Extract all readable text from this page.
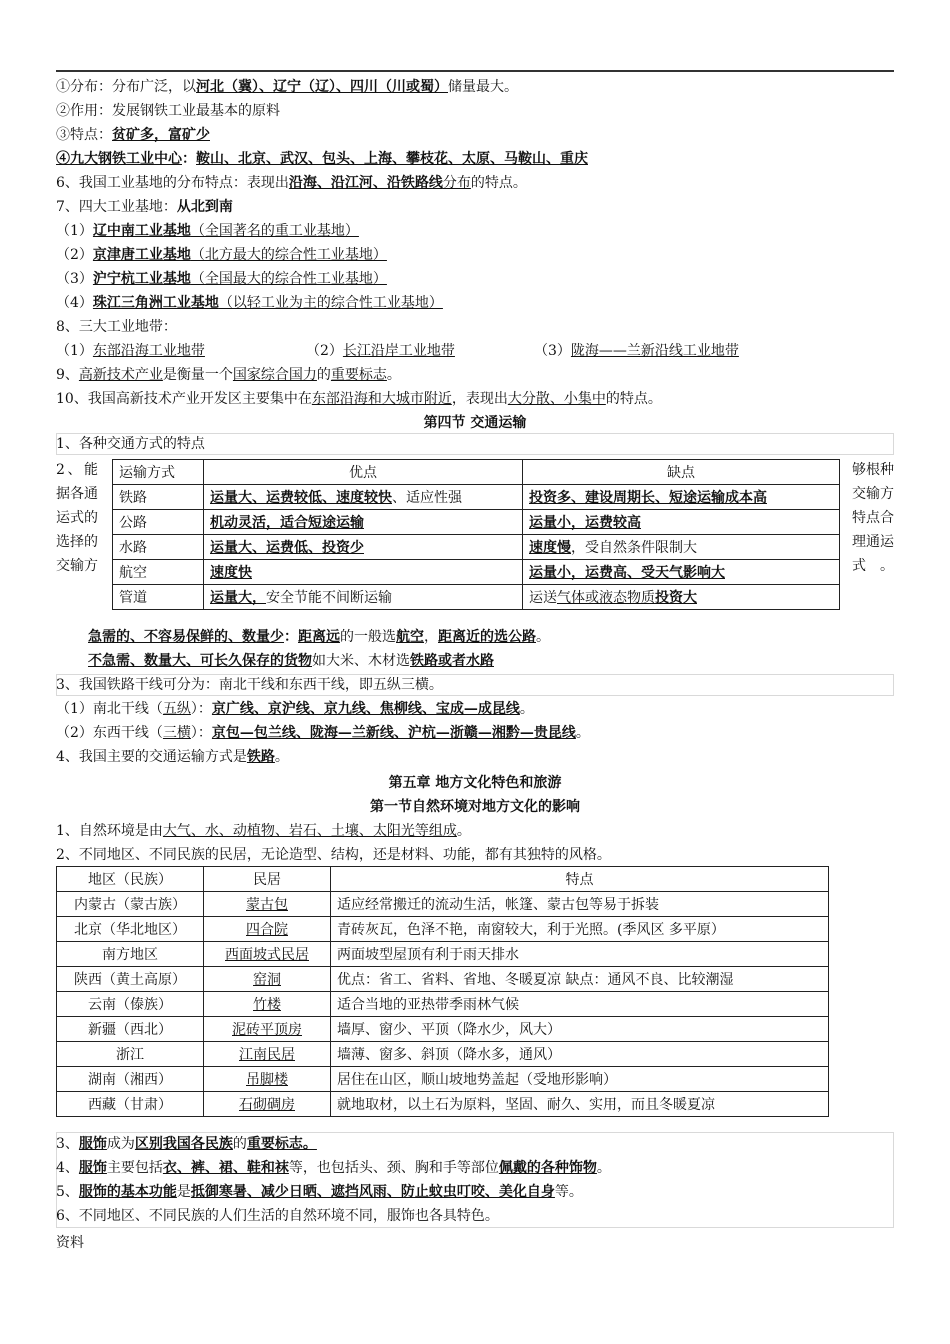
①分布：分布广泛，以河北（冀）、辽宁（辽）、四川（川或蜀）储量最大。
②作用：发展钢铁工业最基本的原料
③特点：贫矿多，富矿少
④九大钢铁工业中心：鞍山、北京、武汉、包头、上海、攀枝花、太原、马鞍山、重庆
6、我国工业基地的分布特点：表现出沿海、沿江河、沿铁路线分布的特点。
7、四大工业基地：从北到南
（1）辽中南工业基地（全国著名的重工业基地）
（2）京津唐工业基地（北方最大的综合性工业基地）
（3）沪宁杭工业基地（全国最大的综合性工业基地）
（4）珠江三角洲工业基地（以轻工业为主的综合性工业基地）
8、三大工业地带：
（1）东部沿海工业地带	（2）长江沿岸工业地带	（3）陇海——兰新沿线工业地带
9、高新技术产业是衡量一个国家综合国力的重要标志。
10、我国高新技术产业开发区主要集中在东部沿海和大城市附近，表现出大分散、小集中的特点。
第四节 交通运输
1、各种交通方式的特点
2、能据各通运式的选择的交输方
够根种交输方特点合理通运式。
运输方式	优点	缺点
铁路	运量大、运费较低、速度较快、适应性强	投资多、建设周期长、短途运输成本高
公路	机动灵活，适合短途运输	运量小，运费较高
水路	运量大、运费低、投资少	速度慢，受自然条件限制大
航空	速度快	运量小，运费高、受天气影响大
管道	运量大，安全节能不间断运输	运送气体或液态物质投资大
急需的、不容易保鲜的、数量少：距离远的一般选航空，距离近的选公路。
不急需、数量大、可长久保存的货物如大米、木材选铁路或者水路
3、我国铁路干线可分为：南北干线和东西干线，即五纵三横。
（1）南北干线（五纵）：京广线、京沪线、京九线、焦柳线、宝成—成昆线。
（2）东西干线（三横）：京包—包兰线、陇海—兰新线、沪杭—浙赣—湘黔—贵昆线。
4、我国主要的交通运输方式是铁路。
第五章 地方文化特色和旅游
第一节自然环境对地方文化的影响
1、自然环境是由大气、水、动植物、岩石、土壤、太阳光等组成。
2、不同地区、不同民族的民居，无论造型、结构，还是材料、功能，都有其独特的风格。
地区（民族）	民居	特点
内蒙古（蒙古族）	蒙古包	适应经常搬迁的流动生活，帐篷、蒙古包等易于拆装
北京（华北地区）	四合院	青砖灰瓦，色泽不艳，南窗较大，利于光照。(季风区 多平原）
南方地区	西面坡式民居	两面坡型屋顶有利于雨天排水
陕西（黄土高原）	窑洞	优点：省工、省料、省地、冬暖夏凉 缺点：通风不良、比较潮湿
云南（傣族）	竹楼	适合当地的亚热带季雨林气候
新疆（西北）	泥砖平顶房	墙厚、窗少、平顶（降水少，风大）
浙江	江南民居	墙薄、窗多、斜顶（降水多，通风）
湖南（湘西）	吊脚楼	居住在山区，顺山坡地势盖起（受地形影响）
西藏（甘肃）	石砌碉房	就地取材，以土石为原料，坚固、耐久、实用，而且冬暖夏凉
3、服饰成为区别我国各民族的重要标志。
4、服饰主要包括衣、裤、裙、鞋和袜等，也包括头、颈、胸和手等部位佩戴的各种饰物。
5、服饰的基本功能是抵御寒暑、减少日晒、遮挡风雨、防止蚊虫叮咬、美化自身等。
6、不同地区、不同民族的人们生活的自然环境不同，服饰也各具特色。
资料
